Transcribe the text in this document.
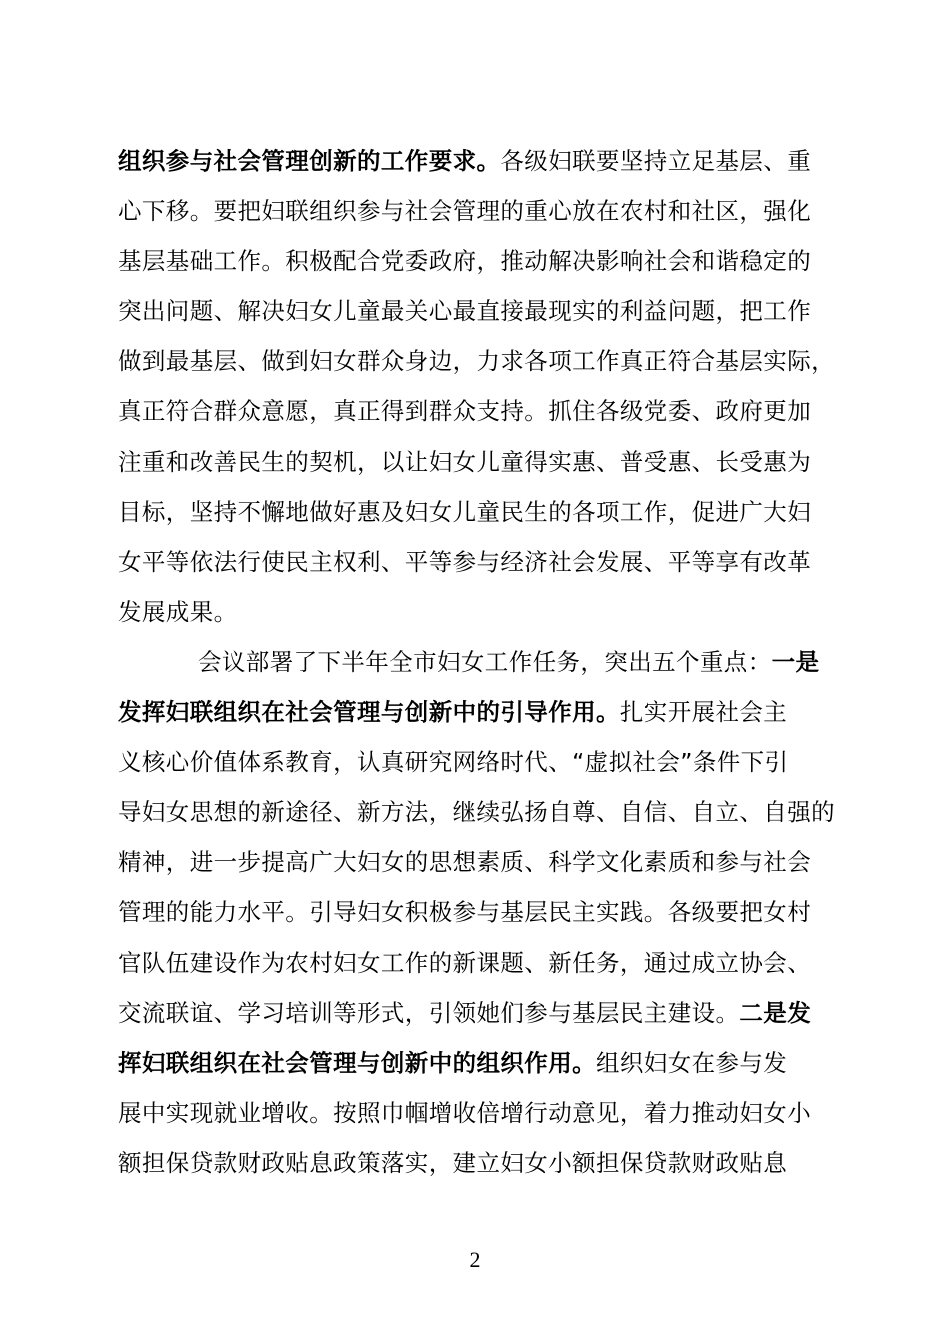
组织参与社会管理创新的工作要求。各级妇联要坚持立足基层、重
心下移。要把妇联组织参与社会管理的重心放在农村和社区，强化
基层基础工作。积极配合党委政府，推动解决影响社会和谐稳定的
突出问题、解决妇女儿童最关心最直接最现实的利益问题，把工作
做到最基层、做到妇女群众身边，力求各项工作真正符合基层实际，
真正符合群众意愿，真正得到群众支持。抓住各级党委、政府更加
注重和改善民生的契机，以让妇女儿童得实惠、普受惠、长受惠为
目标，坚持不懈地做好惠及妇女儿童民生的各项工作，促进广大妇
女平等依法行使民主权利、平等参与经济社会发展、平等享有改革
发展成果。
会议部署了下半年全市妇女工作任务，突出五个重点：一是
发挥妇联组织在社会管理与创新中的引导作用。扎实开展社会主
义核心价值体系教育，认真研究网络时代、“虚拟社会”条件下引
导妇女思想的新途径、新方法，继续弘扬自尊、自信、自立、自强的
精神，进一步提高广大妇女的思想素质、科学文化素质和参与社会
管理的能力水平。引导妇女积极参与基层民主实践。各级要把女村
官队伍建设作为农村妇女工作的新课题、新任务，通过成立协会、
交流联谊、学习培训等形式，引领她们参与基层民主建设。二是发
挥妇联组织在社会管理与创新中的组织作用。组织妇女在参与发
展中实现就业增收。按照巾帼增收倍增行动意见，着力推动妇女小
额担保贷款财政贴息政策落实，建立妇女小额担保贷款财政贴息
2
